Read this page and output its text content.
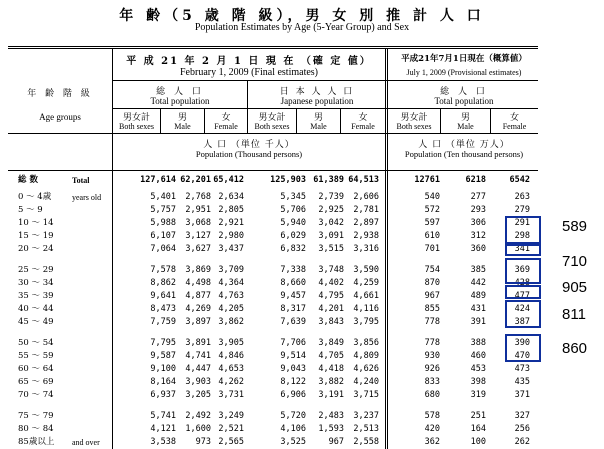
年 齢（5 歳 階 級），男 女 別 推 計 人 口
Population Estimates by Age (5-Year Group) and Sex
年 齢 階 級
Age groups
平 成 21 年 2 月 1 日 現 在 （確 定 値）
February 1, 2009 (Final estimates)
平成21年7月1日現在（概算値）
July 1, 2009 (Provisional estimates)
総 人 口
Total population
日 本 人 人 口
Japanese population
総 人 口
Total population
男女計
Both sexes
男
Male
女
Female
男女計
Both sexes
男
Male
女
Female
男女計
Both sexes
男
Male
女
Female
人 口 （単位 千人）
Population (Thousand persons)
人 口 （単位 万人）
Population (Ten thousand persons)
総 数	Total	127,614 62,201 65,412	125,903 61,389 64,513	12761	6218	6542
0 ～ 4歳	years old	5,401	2,768 2,634	5,345	2,739	2,606	540	277	263
5 ～ 9	5,757	2,951 2,805	5,706	2,925	2,781	572	293	279
10 ～ 14	5,988	3,068 2,921	5,940	3,042	2,897	597	306	291
15 ～ 19	6,107	3,127 2,980	6,029	3,091	2,938	610	312	298
20 ～ 24	7,064	3,627 3,437	6,832	3,515	3,316	701	360	341
25 ～ 29	7,578	3,869 3,709	7,338	3,748	3,590	754	385	369
30 ～ 34	8,862	4,498 4,364	8,660	4,402	4,259	870	442	428
35 ～ 39	9,641	4,877 4,763	9,457	4,795	4,661	967	489	477
40 ～ 44	8,473	4,269 4,205	8,317	4,201	4,116	855	431	424
45 ～ 49	7,759	3,897 3,862	7,639	3,843	3,795	778	391	387
50 ～ 54	7,795	3,891 3,905	7,706	3,849	3,856	778	388	390
55 ～ 59	9,587	4,741 4,846	9,514	4,705	4,809	930	460	470
60 ～ 64	9,100	4,447 4,653	9,043	4,418	4,626	926	453	473
65 ～ 69	8,164	3,903 4,262	8,122	3,882	4,240	833	398	435
70 ～ 74	6,937	3,205 3,731	6,906	3,191	3,715	680	319	371
75 ～ 79	5,741	2,492 3,249	5,720	2,483	3,237	578	251	327
80 ～ 84	4,121	1,600 2,521	4,106	1,593	2,513	420	164	256
85歳以上 and over	3,538	973 2,565	3,525	967	2,558	362	100	262
589
710
905
811
860
